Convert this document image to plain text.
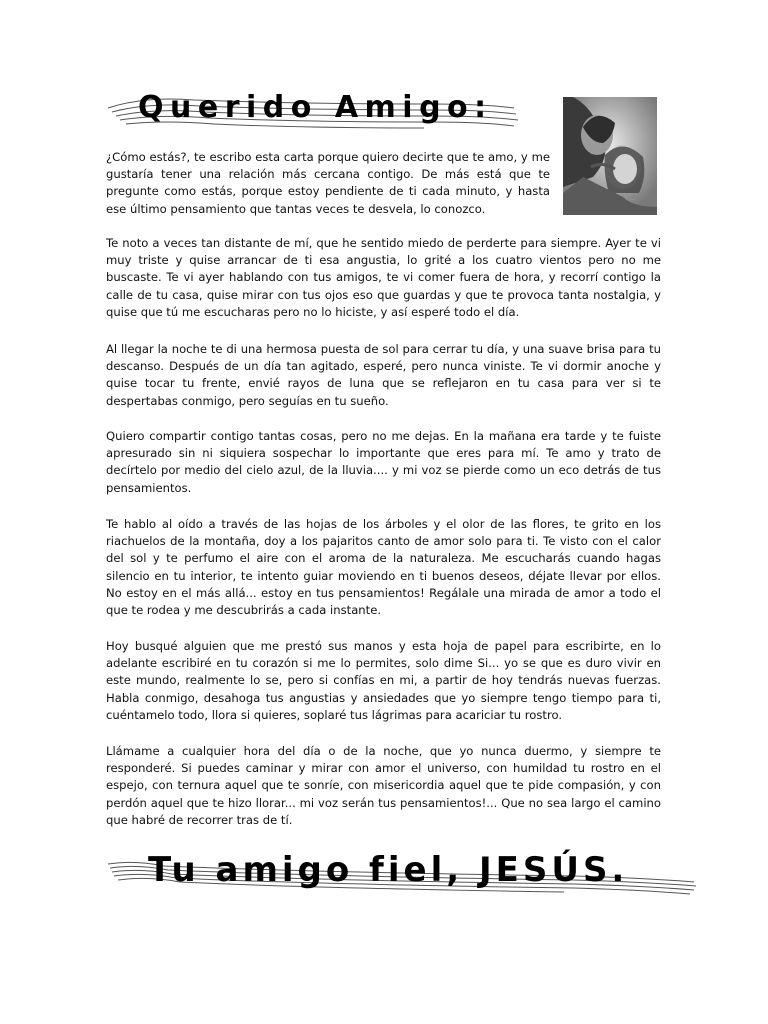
Querido Amigo:

¿Cómo estás?, te escribo esta carta porque quiero decirte que te amo, y me gustaría tener una relación más cercana contigo. De más está que te pregunte como estás, porque estoy pendiente de ti cada minuto, y hasta ese último pensamiento que tantas veces te desvela, lo conozco.

Te noto a veces tan distante de mí, que he sentido miedo de perderte para siempre. Ayer te vi muy triste y quise arrancar de ti esa angustia, lo grité a los cuatro vientos pero no me buscaste. Te vi ayer hablando con tus amigos, te vi comer fuera de hora, y recorrí contigo la calle de tu casa, quise mirar con tus ojos eso que guardas y que te provoca tanta nostalgia, y quise que tú me escucharas pero no lo hiciste, y así esperé todo el día.

Al llegar la noche te di una hermosa puesta de sol para cerrar tu día, y una suave brisa para tu descanso. Después de un día tan agitado, esperé, pero nunca viniste. Te vi dormir anoche y quise tocar tu frente, envié rayos de luna que se reflejaron en tu casa para ver si te despertabas conmigo, pero seguías en tu sueño.

Quiero compartir contigo tantas cosas, pero no me dejas. En la mañana era tarde y te fuiste apresurado sin ni siquiera sospechar lo importante que eres para mí. Te amo y trato de decírtelo por medio del cielo azul, de la lluvia.... y mi voz se pierde como un eco detrás de tus pensamientos.

Te hablo al oído a través de las hojas de los árboles y el olor de las flores, te grito en los riachuelos de la montaña, doy a los pajaritos canto de amor solo para ti. Te visto con el calor del sol y te perfumo el aire con el aroma de la naturaleza. Me escucharás cuando hagas silencio en tu interior, te intento guiar moviendo en ti buenos deseos, déjate llevar por ellos. No estoy en el más allá... estoy en tus pensamientos! Regálale una mirada de amor a todo el que te rodea y me descubrirás a cada instante.

Hoy busqué alguien que me prestó sus manos y esta hoja de papel para escribirte, en lo adelante escribiré en tu corazón si me lo permites, solo dime Si... yo se que es duro vivir en este mundo, realmente lo se, pero si confías en mi, a partir de hoy tendrás nuevas fuerzas. Habla conmigo, desahoga tus angustias y ansiedades que yo siempre tengo tiempo para ti, cuéntamelo todo, llora si quieres, soplaré tus lágrimas para acariciar tu rostro.

Llámame a cualquier hora del día o de la noche, que yo nunca duermo, y siempre te responderé. Si puedes caminar y mirar con amor el universo, con humildad tu rostro en el espejo, con ternura aquel que te sonríe, con misericordia aquel que te pide compasión, y con perdón aquel que te hizo llorar... mi voz serán tus pensamientos!... Que no sea largo el camino que habré de recorrer tras de tí.

Tu amigo fiel, JESÚS.
